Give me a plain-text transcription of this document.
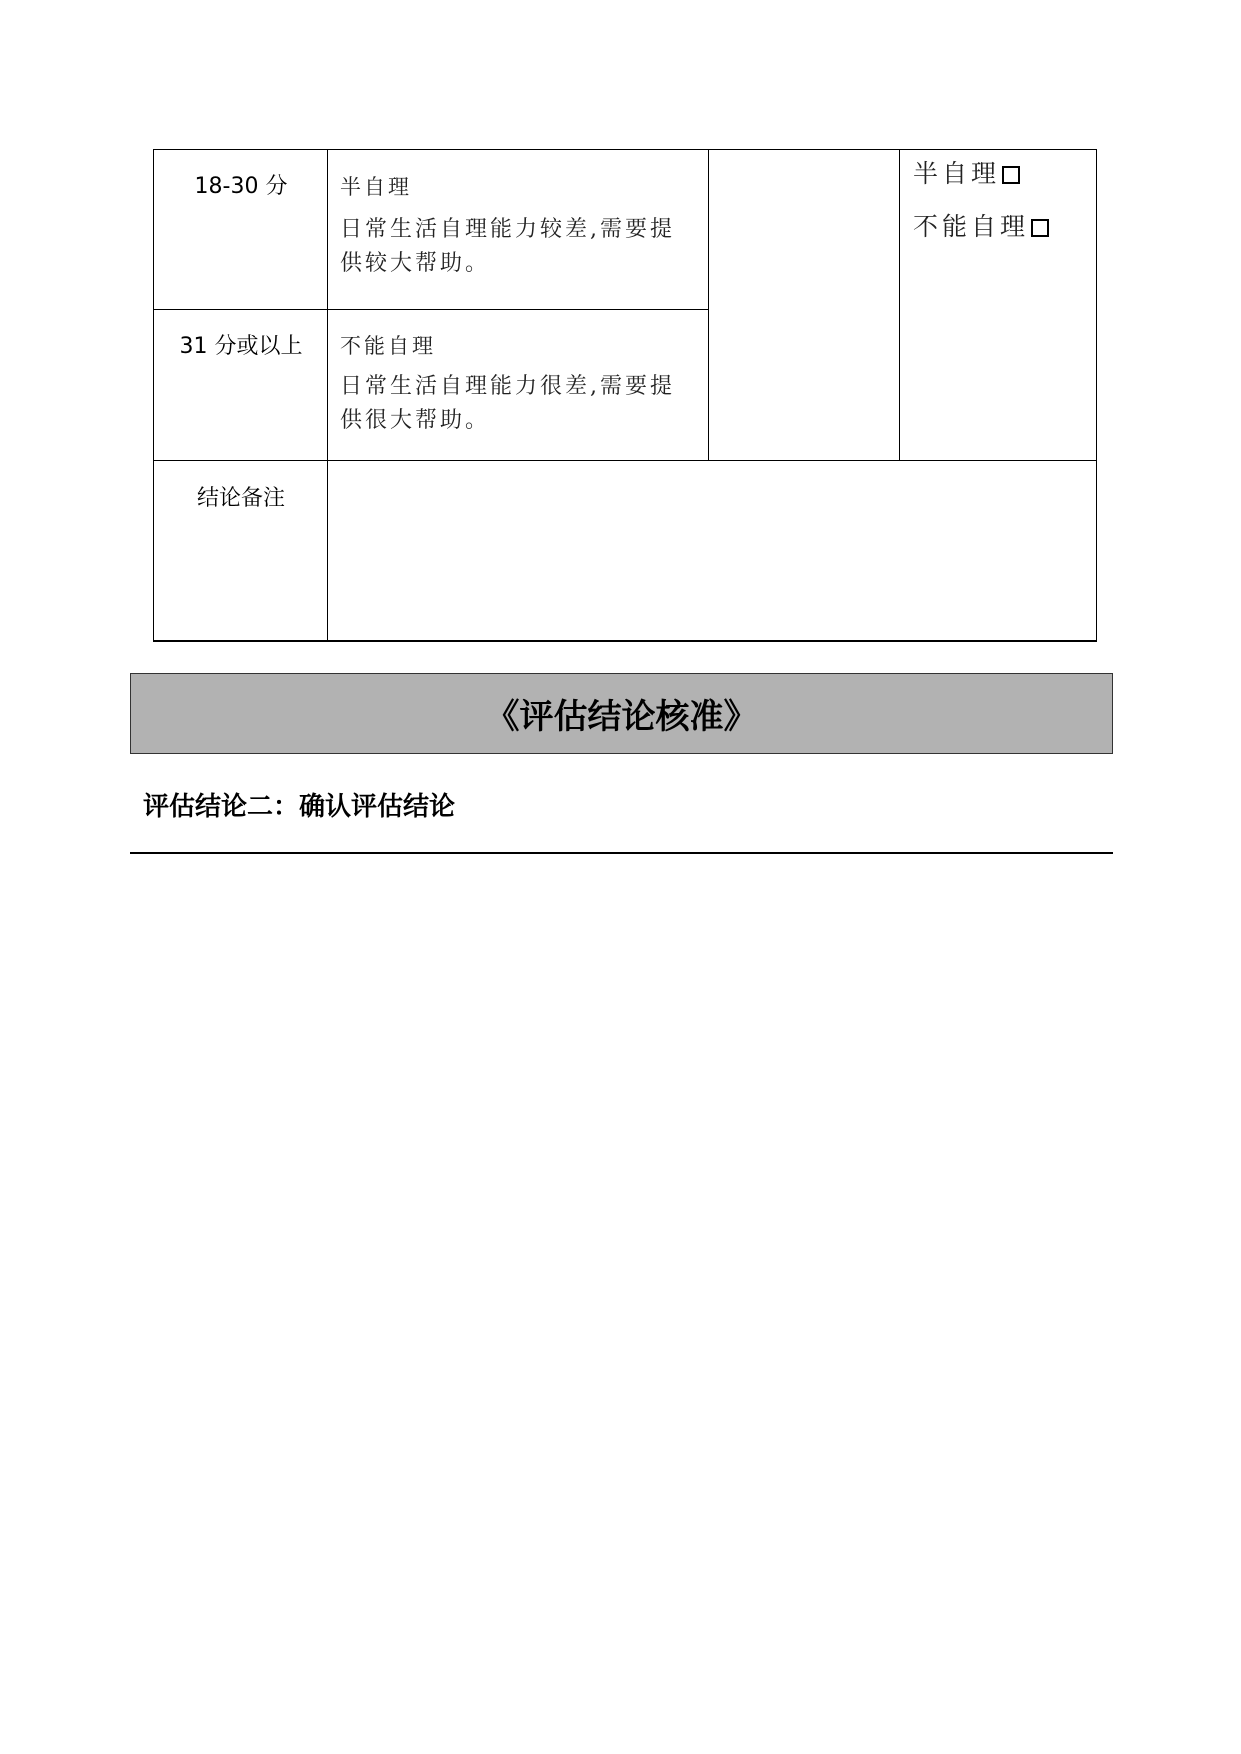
18-30 分	半自理
日常生活自理能力较差,需要提供较大帮助。
31 分或以上	不能自理
日常生活自理能力很差,需要提供很大帮助。
半自理
不能自理
结论备注
《评估结论核准》
评估结论二：确认评估结论
